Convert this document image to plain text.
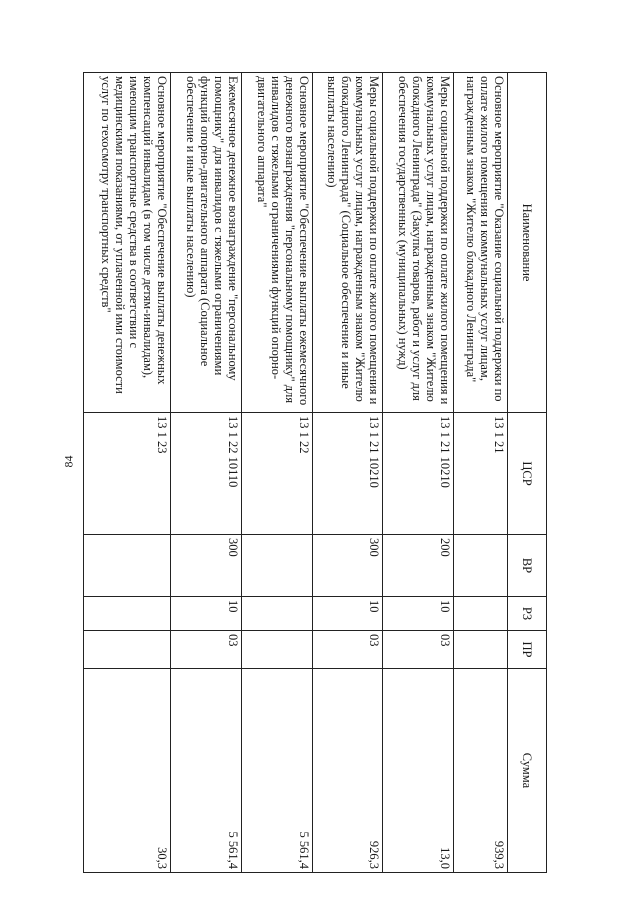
84
Наименование	ЦСР	ВР	РЗ	ПР	Сумма
Основное мероприятие "Оказание социальной поддержки по оплате жилого помещения и коммунальных услуг лицам, награжденным знаком "Жителю блокадного Ленинграда"	13 1 21				939,3
Меры социальной поддержки по оплате жилого помещения и коммунальных услуг лицам, награжденным знаком "Жителю блокадного Ленинграда" (Закупка товаров, работ и услуг для обеспечения государственных (муниципальных) нужд)	13 1 21 10210	200	10	03	13,0
Меры социальной поддержки по оплате жилого помещения и коммунальных услуг лицам, награжденным знаком "Жителю блокадного Ленинграда" (Социальное обеспечение и иные выплаты населению)	13 1 21 10210	300	10	03	926,3
Основное мероприятие "Обеспечение выплаты ежемесячного денежного вознаграждения "персональному помощнику" для инвалидов с тяжелыми ограничениями функций опорно-двигательного аппарата"	13 1 22				5 561,4
Ежемесячное денежное вознаграждение "персональному помощнику" для инвалидов с тяжелыми ограничениями функций опорно-двигательного аппарата (Социальное обеспечение и иные выплаты населению)	13 1 22 10110	300	10	03	5 561,4
Основное мероприятие "Обеспечение выплаты денежных компенсаций инвалидам (в том числе детям-инвалидам), имеющим транспортные средства в соответствии с медицинскими показаниями, от уплаченной ими стоимости услуг по техосмотру транспортных средств"	13 1 23				30,3
